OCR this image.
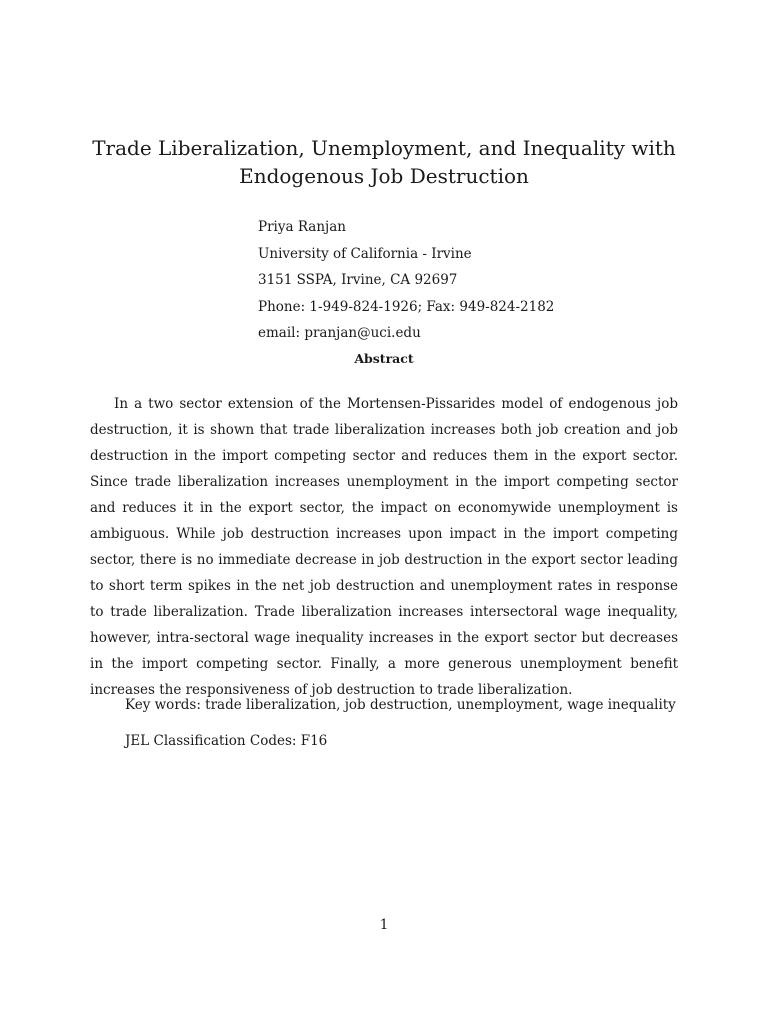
Trade Liberalization, Unemployment, and Inequality with
Endogenous Job Destruction
Priya Ranjan
University of California - Irvine
3151 SSPA, Irvine, CA 92697
Phone: 1-949-824-1926; Fax: 949-824-2182
email: pranjan@uci.edu
Abstract

In a two sector extension of the Mortensen-Pissarides model of endogenous job destruction, it is shown that trade liberalization increases both job creation and job destruction in the import competing sector and reduces them in the export sector. Since trade liberalization increases unemployment in the import competing sector and reduces it in the export sector, the impact on economywide unemployment is ambiguous. While job destruction increases upon impact in the import competing sector, there is no immediate decrease in job destruction in the export sector leading to short term spikes in the net job destruction and unemployment rates in response to trade liberalization. Trade liberalization increases intersectoral wage inequality, however, intra-sectoral wage inequality increases in the export sector but decreases in the import competing sector. Finally, a more generous unemployment benefit increases the responsiveness of job destruction to trade liberalization.

Key words: trade liberalization, job destruction, unemployment, wage inequality
JEL Classification Codes: F16
1
